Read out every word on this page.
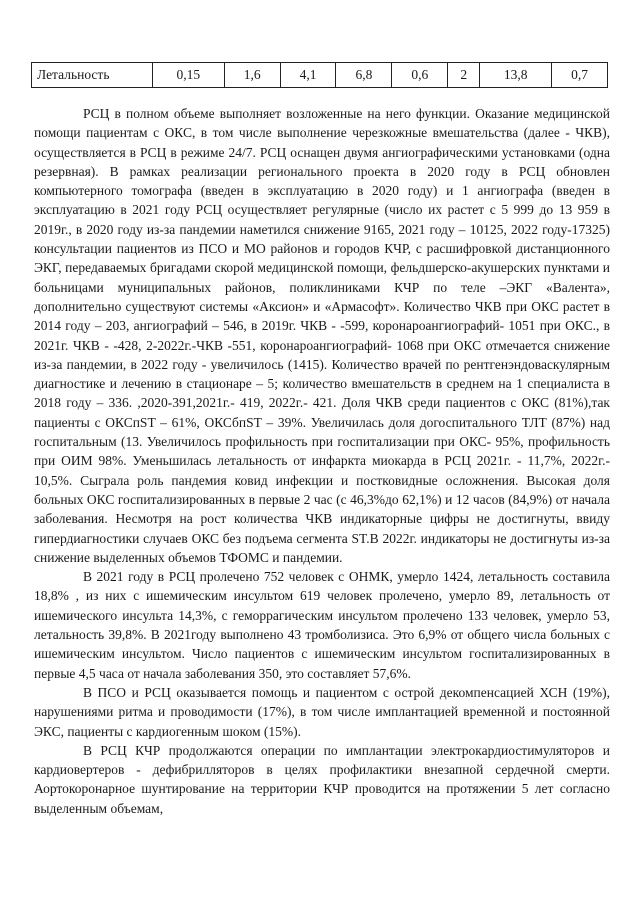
Летальность	0,15	1,6	4,1	6,8	0,6	2	13,8	0,7

РСЦ в полном объеме выполняет возложенные на него функции. Оказание медицинской помощи пациентам с ОКС, в том числе выполнение черезкожные вмешательства (далее - ЧКВ), осуществляется в РСЦ в режиме 24/7. РСЦ оснащен двумя ангиографическими установками (одна резервная). В рамках реализации регионального проекта в 2020 году в РСЦ обновлен компьютерного томографа (введен в эксплуатацию в 2020 году) и 1 ангиографа (введен в эксплуатацию в 2021 году РСЦ осуществляет регулярные (число их растет с 5 999 до 13 959 в 2019г., в 2020 году из-за пандемии наметился снижение 9165, 2021 году – 10125, 2022 году-17325) консультации пациентов из ПСО и МО районов и городов КЧР, с расшифровкой дистанционного ЭКГ, передаваемых бригадами скорой медицинской помощи, фельдшерско-акушерских пунктами и больницами муниципальных районов, поликлиниками КЧР по теле –ЭКГ «Валента», дополнительно существуют системы «Аксион» и «Армасофт». Количество ЧКВ при ОКС растет в 2014 году – 203, ангиографий – 546, в 2019г. ЧКВ - -599, коронароангиографий- 1051 при ОКС., в 2021г. ЧКВ - -428, 2-2022г.-ЧКВ -551, коронароангиографий- 1068 при ОКС отмечается снижение из-за пандемии, в 2022 году - увеличилось (1415). Количество врачей по рентгенэндоваскулярным диагностике и лечению в стационаре – 5; количество вмешательств в среднем на 1 специалиста в 2018 году – 336. ,2020-391,2021г.- 419, 2022г.- 421. Доля ЧКВ среди пациентов с ОКС (81%),так пациенты с ОКСпST – 61%, ОКСбпST – 39%. Увеличилась доля догоспитального ТЛТ (87%) над госпитальным (13. Увеличилось профильность при госпитализации при ОКС- 95%, профильность при ОИМ 98%. Уменьшилась летальность от инфаркта миокарда в РСЦ 2021г. - 11,7%, 2022г.- 10,5%. Сыграла роль пандемия ковид инфекции и постковидные осложнения. Высокая доля больных ОКС госпитализированных в первые 2 час (с 46,3%до 62,1%) и 12 часов (84,9%) от начала заболевания. Несмотря на рост количества ЧКВ индикаторные цифры не достигнуты, ввиду гипердиагностики случаев ОКС без подъема сегмента ST.В 2022г. индикаторы не достигнуты из-за снижение выделенных объемов ТФОМС и пандемии.

В 2021 году в РСЦ пролечено 752 человек с ОНМК, умерло 1424, летальность составила 18,8% , из них с ишемическим инсультом 619 человек пролечено, умерло 89, летальность от ишемического инсульта 14,3%, с геморрагическим инсультом пролечено 133 человек, умерло 53, летальность 39,8%. В 2021году выполнено 43 тромболизиса. Это 6,9% от общего числа больных с ишемическим инсультом. Число пациентов с ишемическим инсультом госпитализированных в первые 4,5 часа от начала заболевания 350, это составляет 57,6%.

В ПСО и РСЦ оказывается помощь и пациентом с острой декомпенсацией ХСН (19%), нарушениями ритма и проводимости (17%), в том числе имплантацией временной и постоянной ЭКС, пациенты с кардиогенным шоком (15%).

В РСЦ КЧР продолжаются операции по имплантации электрокардиостимуляторов и кардиовертеров - дефибрилляторов в целях профилактики внезапной сердечной смерти. Аортокоронарное шунтирование на территории КЧР проводится на протяжении 5 лет согласно выделенным объемам,
